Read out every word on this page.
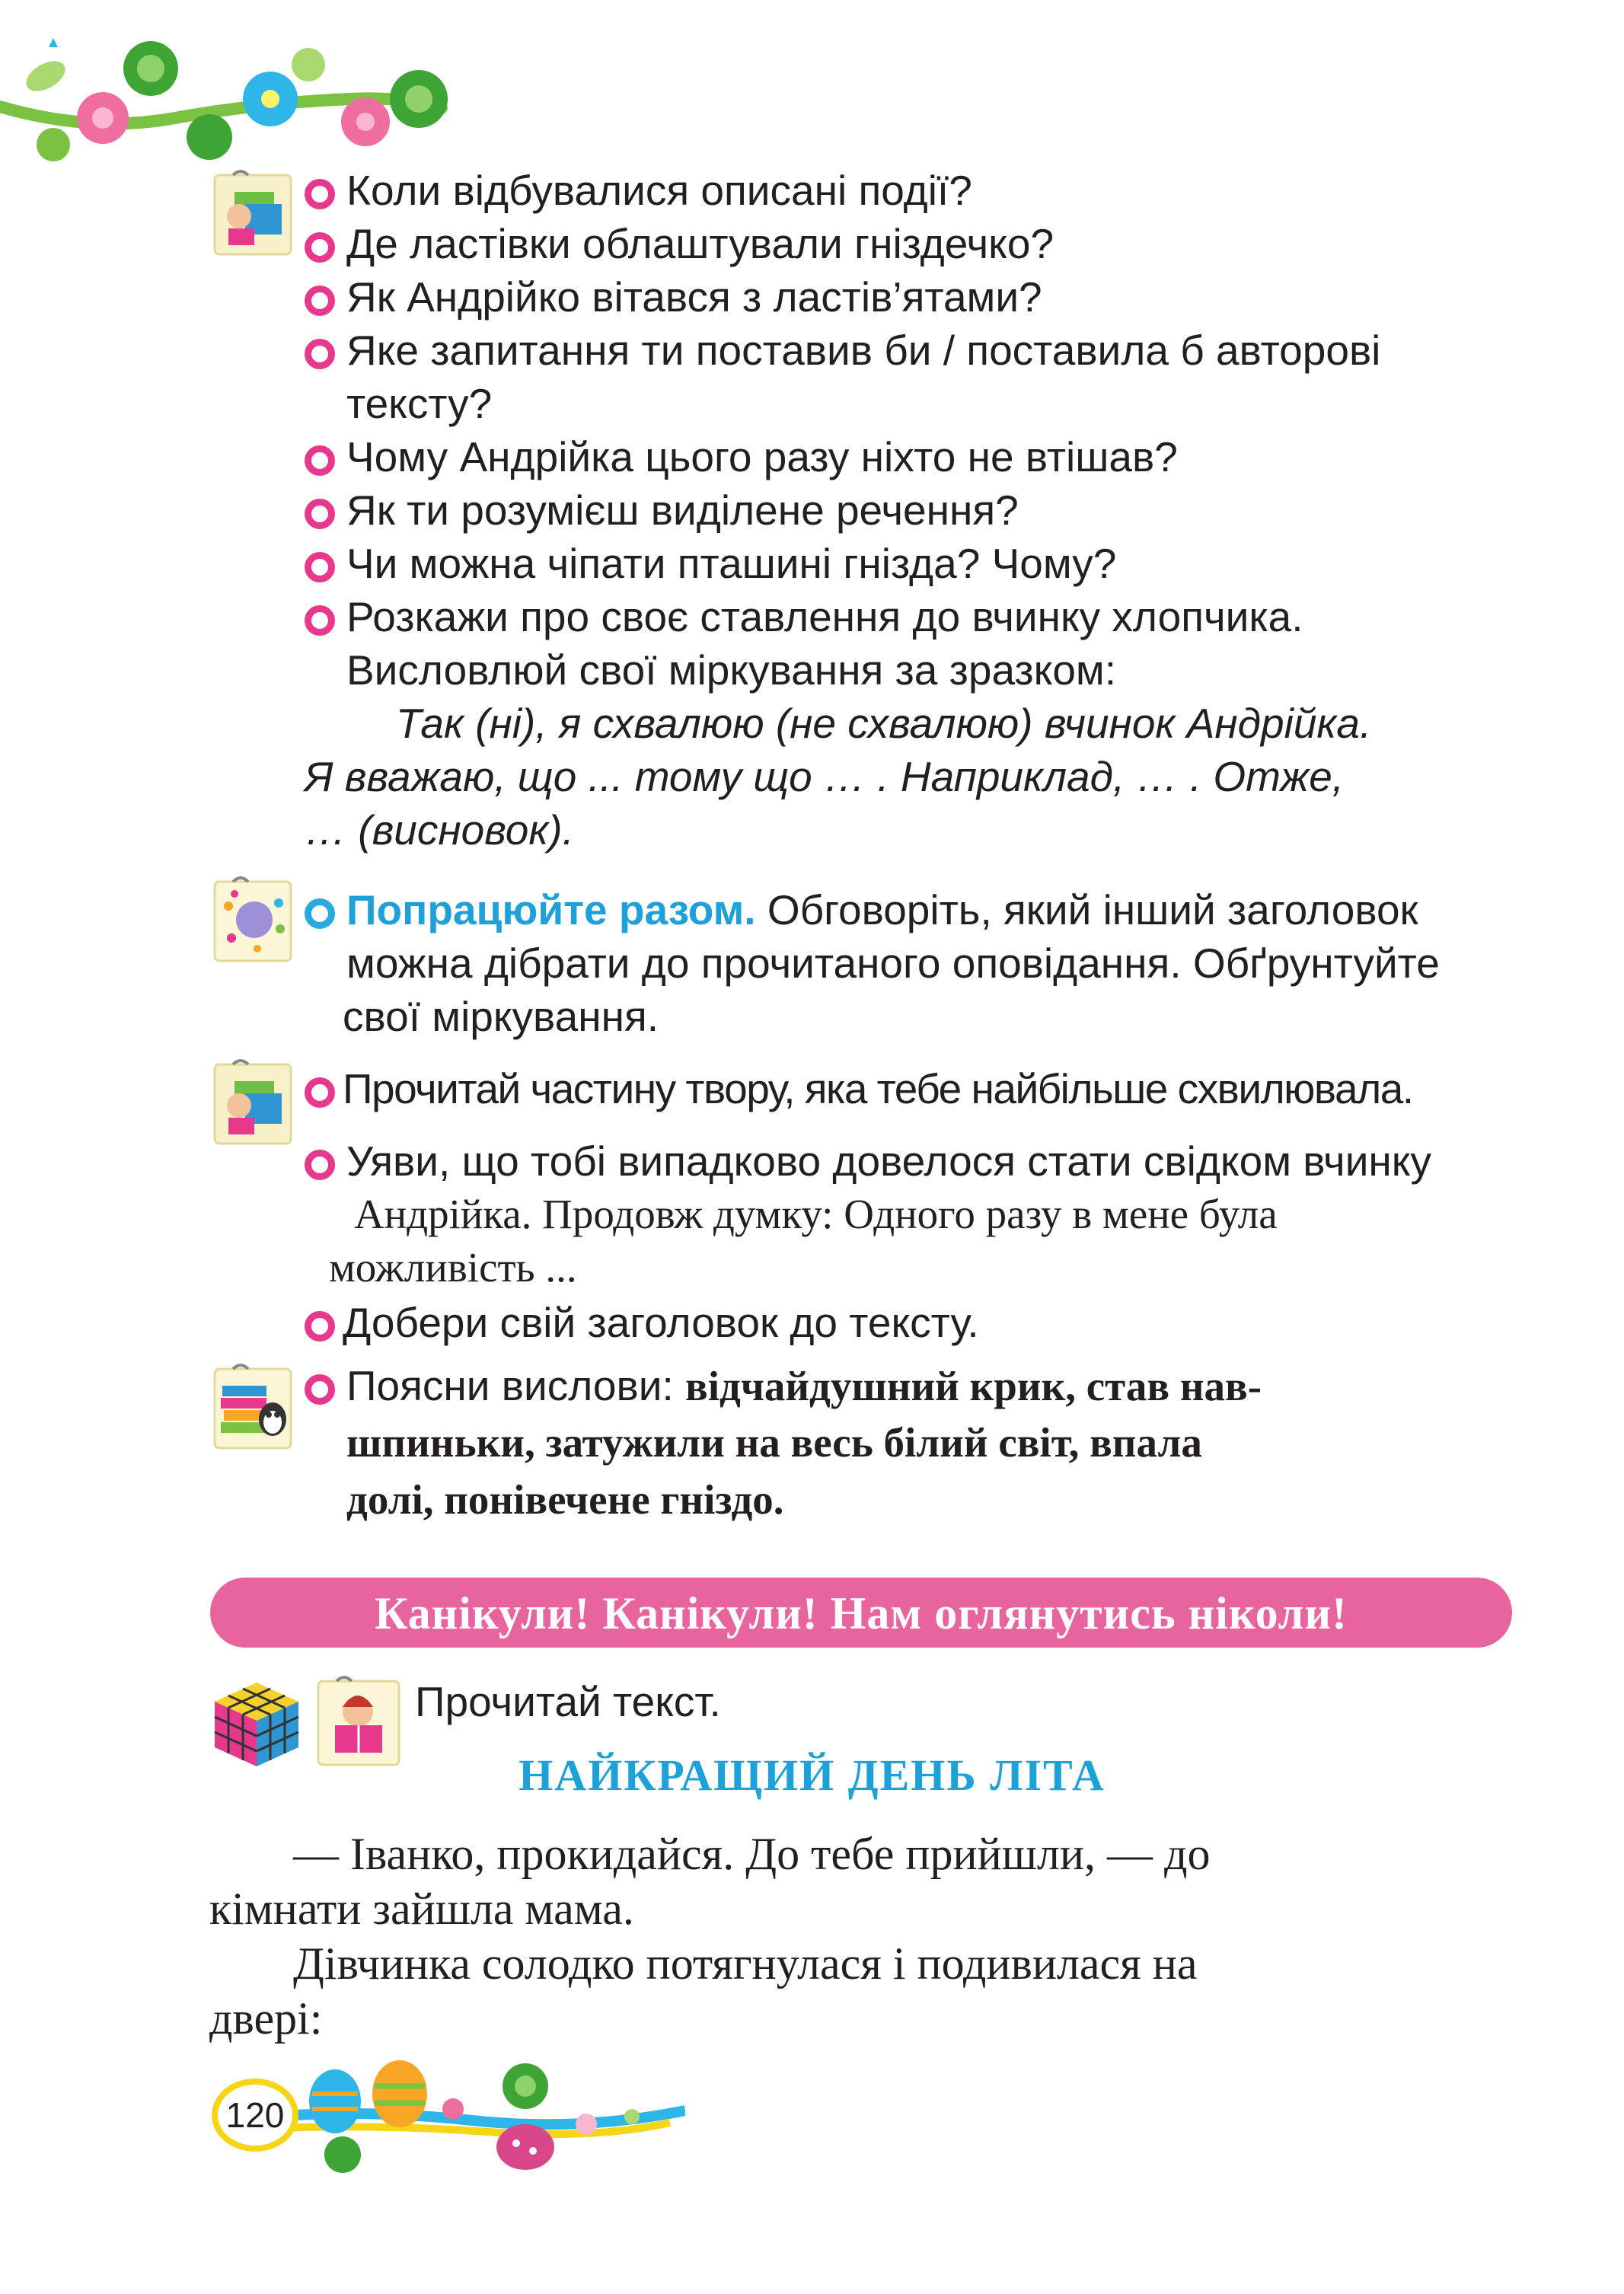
Коли відбувалися описані події?
Де ластівки облаштували гніздечко?
Як Андрійко вітався з ластів’ятами?
Яке запитання ти поставив би / поставила б авторові
тексту?
Чому Андрійка цього разу ніхто не втішав?
Як ти розумієш виділене речення?
Чи можна чіпати пташині гнізда? Чому?
Розкажи про своє ставлення до вчинку хлопчика.
Висловлюй свої міркування за зразком:
Так (ні), я схвалюю (не схвалюю) вчинок Андрійка.
Я вважаю, що ... тому що … . Наприклад, … . Отже,
… (висновок).
Попрацюйте разом. Обговоріть, який інший заголовок
можна дібрати до прочитаного оповідання. Обґрунтуйте
свої міркування.
Прочитай частину твору, яка тебе найбільше схвилювала.
Уяви, що тобі випадково довелося стати свідком вчинку
Андрійка. Продовж думку: Одного разу в мене була
можливість ...
Добери свій заголовок до тексту.
Поясни вислови: відчайдушний крик, став нав-
шпиньки, затужили на весь білий світ, впала
долі, понівечене гніздо.
Канікули! Канікули! Нам оглянутись ніколи!
Прочитай текст.
НАЙКРАЩИЙ ДЕНЬ ЛІТА
— Іванко, прокидайся. До тебе прийшли, — до
кімнати зайшла мама.
Дівчинка солодко потягнулася і подивилася на
двері:
120
